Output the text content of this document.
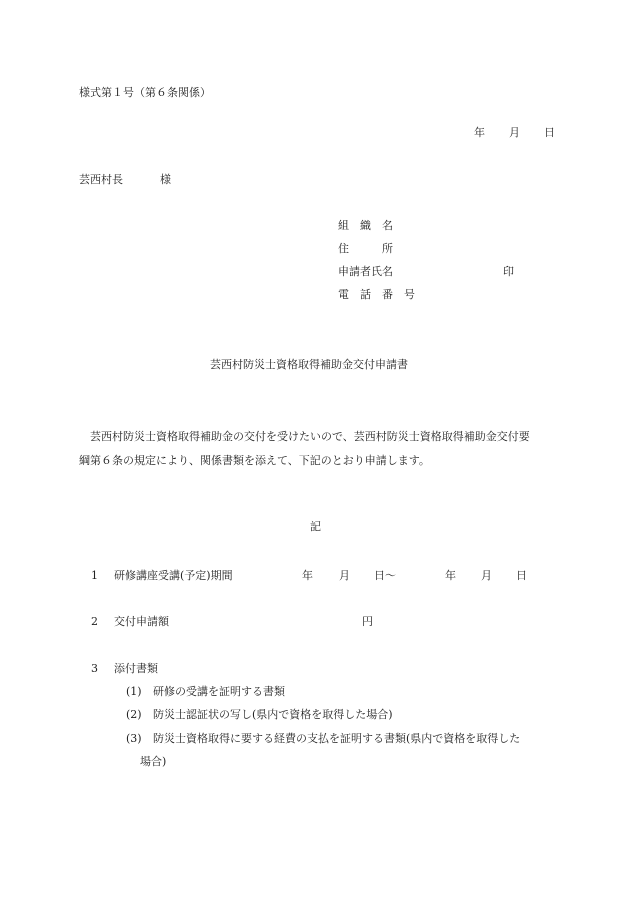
様式第１号（第６条関係）
年 月 日
芸西村長	様
組　織　名
住　　　所
申請者氏名	印
電　話　番　号
芸西村防災士資格取得補助金交付申請書
芸西村防災士資格取得補助金の交付を受けたいので、芸西村防災士資格取得補助金交付要
綱第６条の規定により、関係書類を添えて、下記のとおり申請します。
記
1 研修講座受講(予定)期間	年 月 日～	年 月 日
2 交付申請額	円
3 添付書類
(1) 研修の受講を証明する書類
(2) 防災士認証状の写し(県内で資格を取得した場合)
(3) 防災士資格取得に要する経費の支払を証明する書類(県内で資格を取得した
場合)
